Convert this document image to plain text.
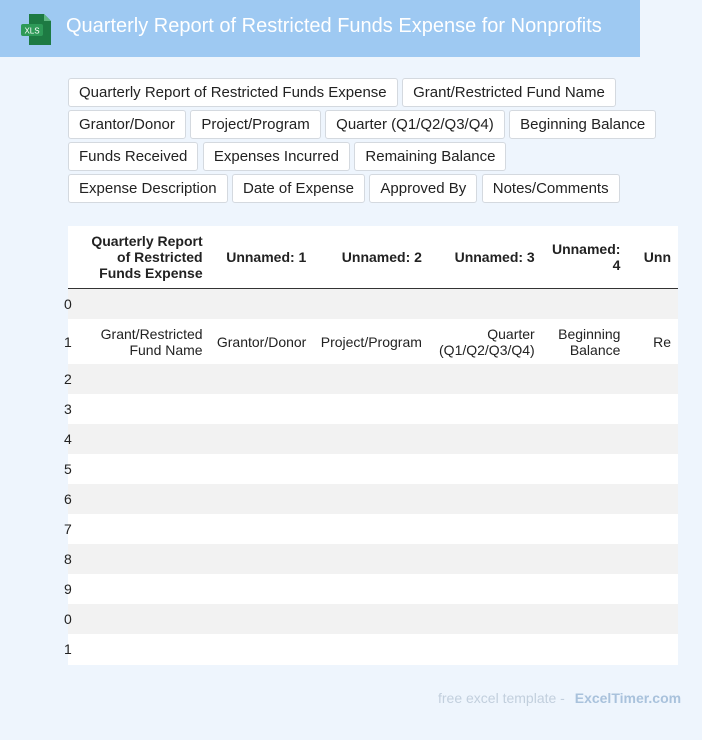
XLS Quarterly Report of Restricted Funds Expense for Nonprofits
Quarterly Report of Restricted Funds Expense Grant/Restricted Fund Name Grantor/Donor Project/Program Quarter (Q1/Q2/Q3/Q4) Beginning Balance Funds Received Expenses Incurred Remaining Balance Expense Description Date of Expense Approved By Notes/Comments
	Quarterly Report of Restricted Funds Expense	Unnamed: 1	Unnamed: 2	Unnamed: 3	Unnamed: 4	Unn
0						
1	Grant/Restricted Fund Name	Grantor/Donor	Project/Program	Quarter (Q1/Q2/Q3/Q4)	Beginning Balance	Re
2						
3						
4						
5						
6						
7						
8						
9						
0						
1						
free excel template - ExcelTimer.com
